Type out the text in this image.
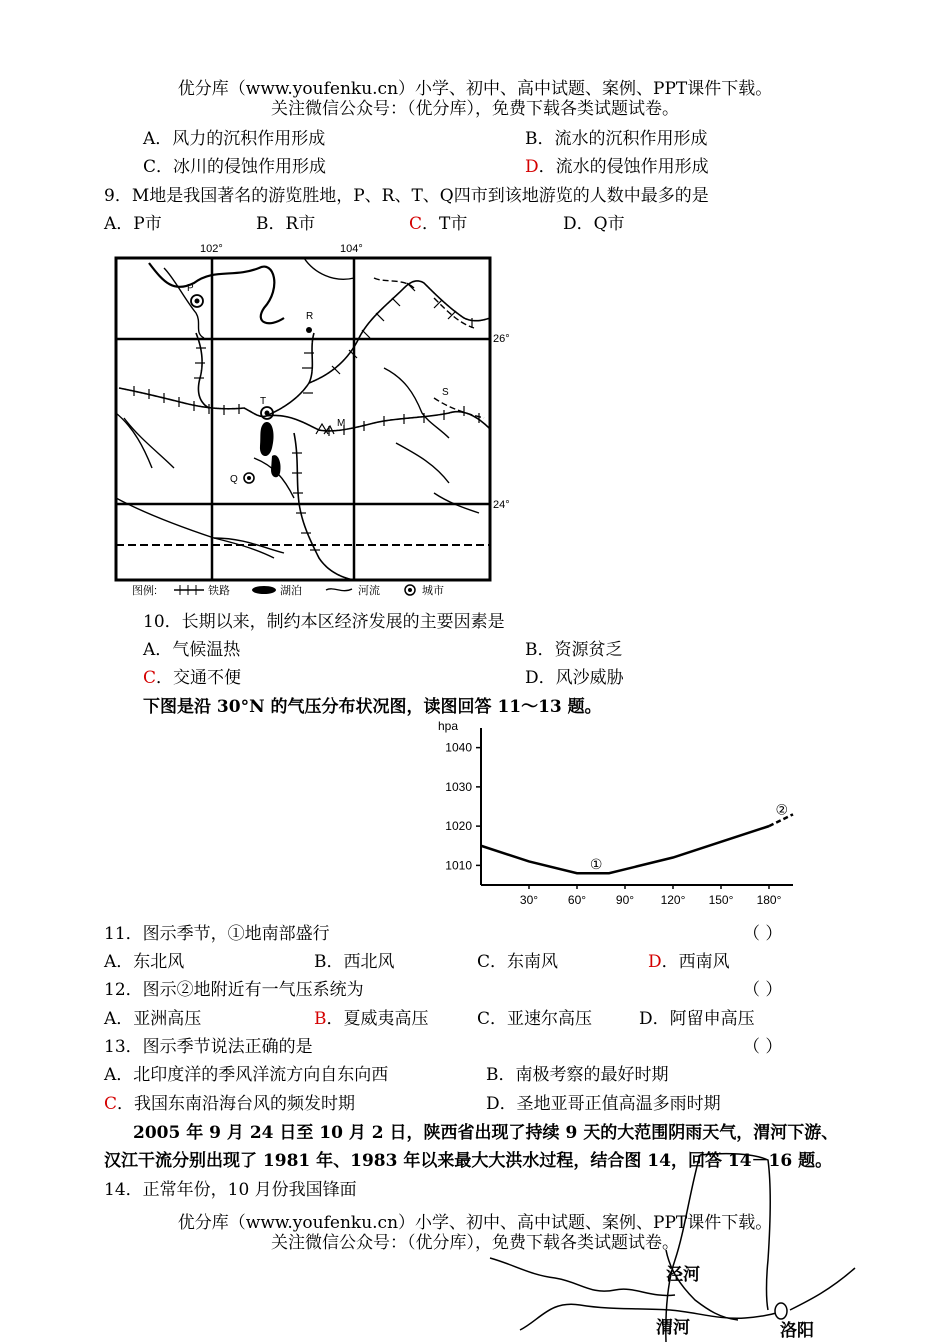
优分库（www.youfenku.cn）小学、初中、高中试题、案例、PPT课件下载。
关注微信公众号：（优分库），免费下载各类试题试卷。
A．风力的沉积作用形成	B．流水的沉积作用形成
C．冰川的侵蚀作用形成	D．流水的侵蚀作用形成
9．M地是我国著名的游览胜地，P、R、T、Q四市到该地游览的人数中最多的是
A．P市	B．R市	C．T市	D．Q市
102°	104°
26°
24°
P
R
T
Q
S
M
图例:	铁路	湖泊	河流	城市
10．长期以来，制约本区经济发展的主要因素是
A．气候温热	B．资源贫乏
C．交通不便	D．风沙威胁
下图是沿 30°N 的气压分布状况图，读图回答 11～13 题。
hpa
1010
1020
1030
1040
30° 60° 90° 120° 150° 180°
①
②
11．图示季节，①地南部盛行	（ ）
A．东北风	B．西北风	C．东南风	D．西南风
12．图示②地附近有一气压系统为	（ ）
A．亚洲高压	B．夏威夷高压	C．亚速尔高压	D．阿留申高压
13．图示季节说法正确的是	（ ）
A．北印度洋的季风洋流方向自东向西	B．南极考察的最好时期
C．我国东南沿海台风的频发时期	D．圣地亚哥正值高温多雨时期
2005 年 9 月 24 日至 10 月 2 日，陕西省出现了持续 9 天的大范围阴雨天气，渭河下游、
汉江干流分别出现了 1981 年、1983 年以来最大大洪水过程，结合图 14，回答 14－16 题。
14．正常年份，10 月份我国锋面
优分库（www.youfenku.cn）小学、初中、高中试题、案例、PPT课件下载。
关注微信公众号：（优分库），免费下载各类试题试卷。
泾河
渭河	洛阳
